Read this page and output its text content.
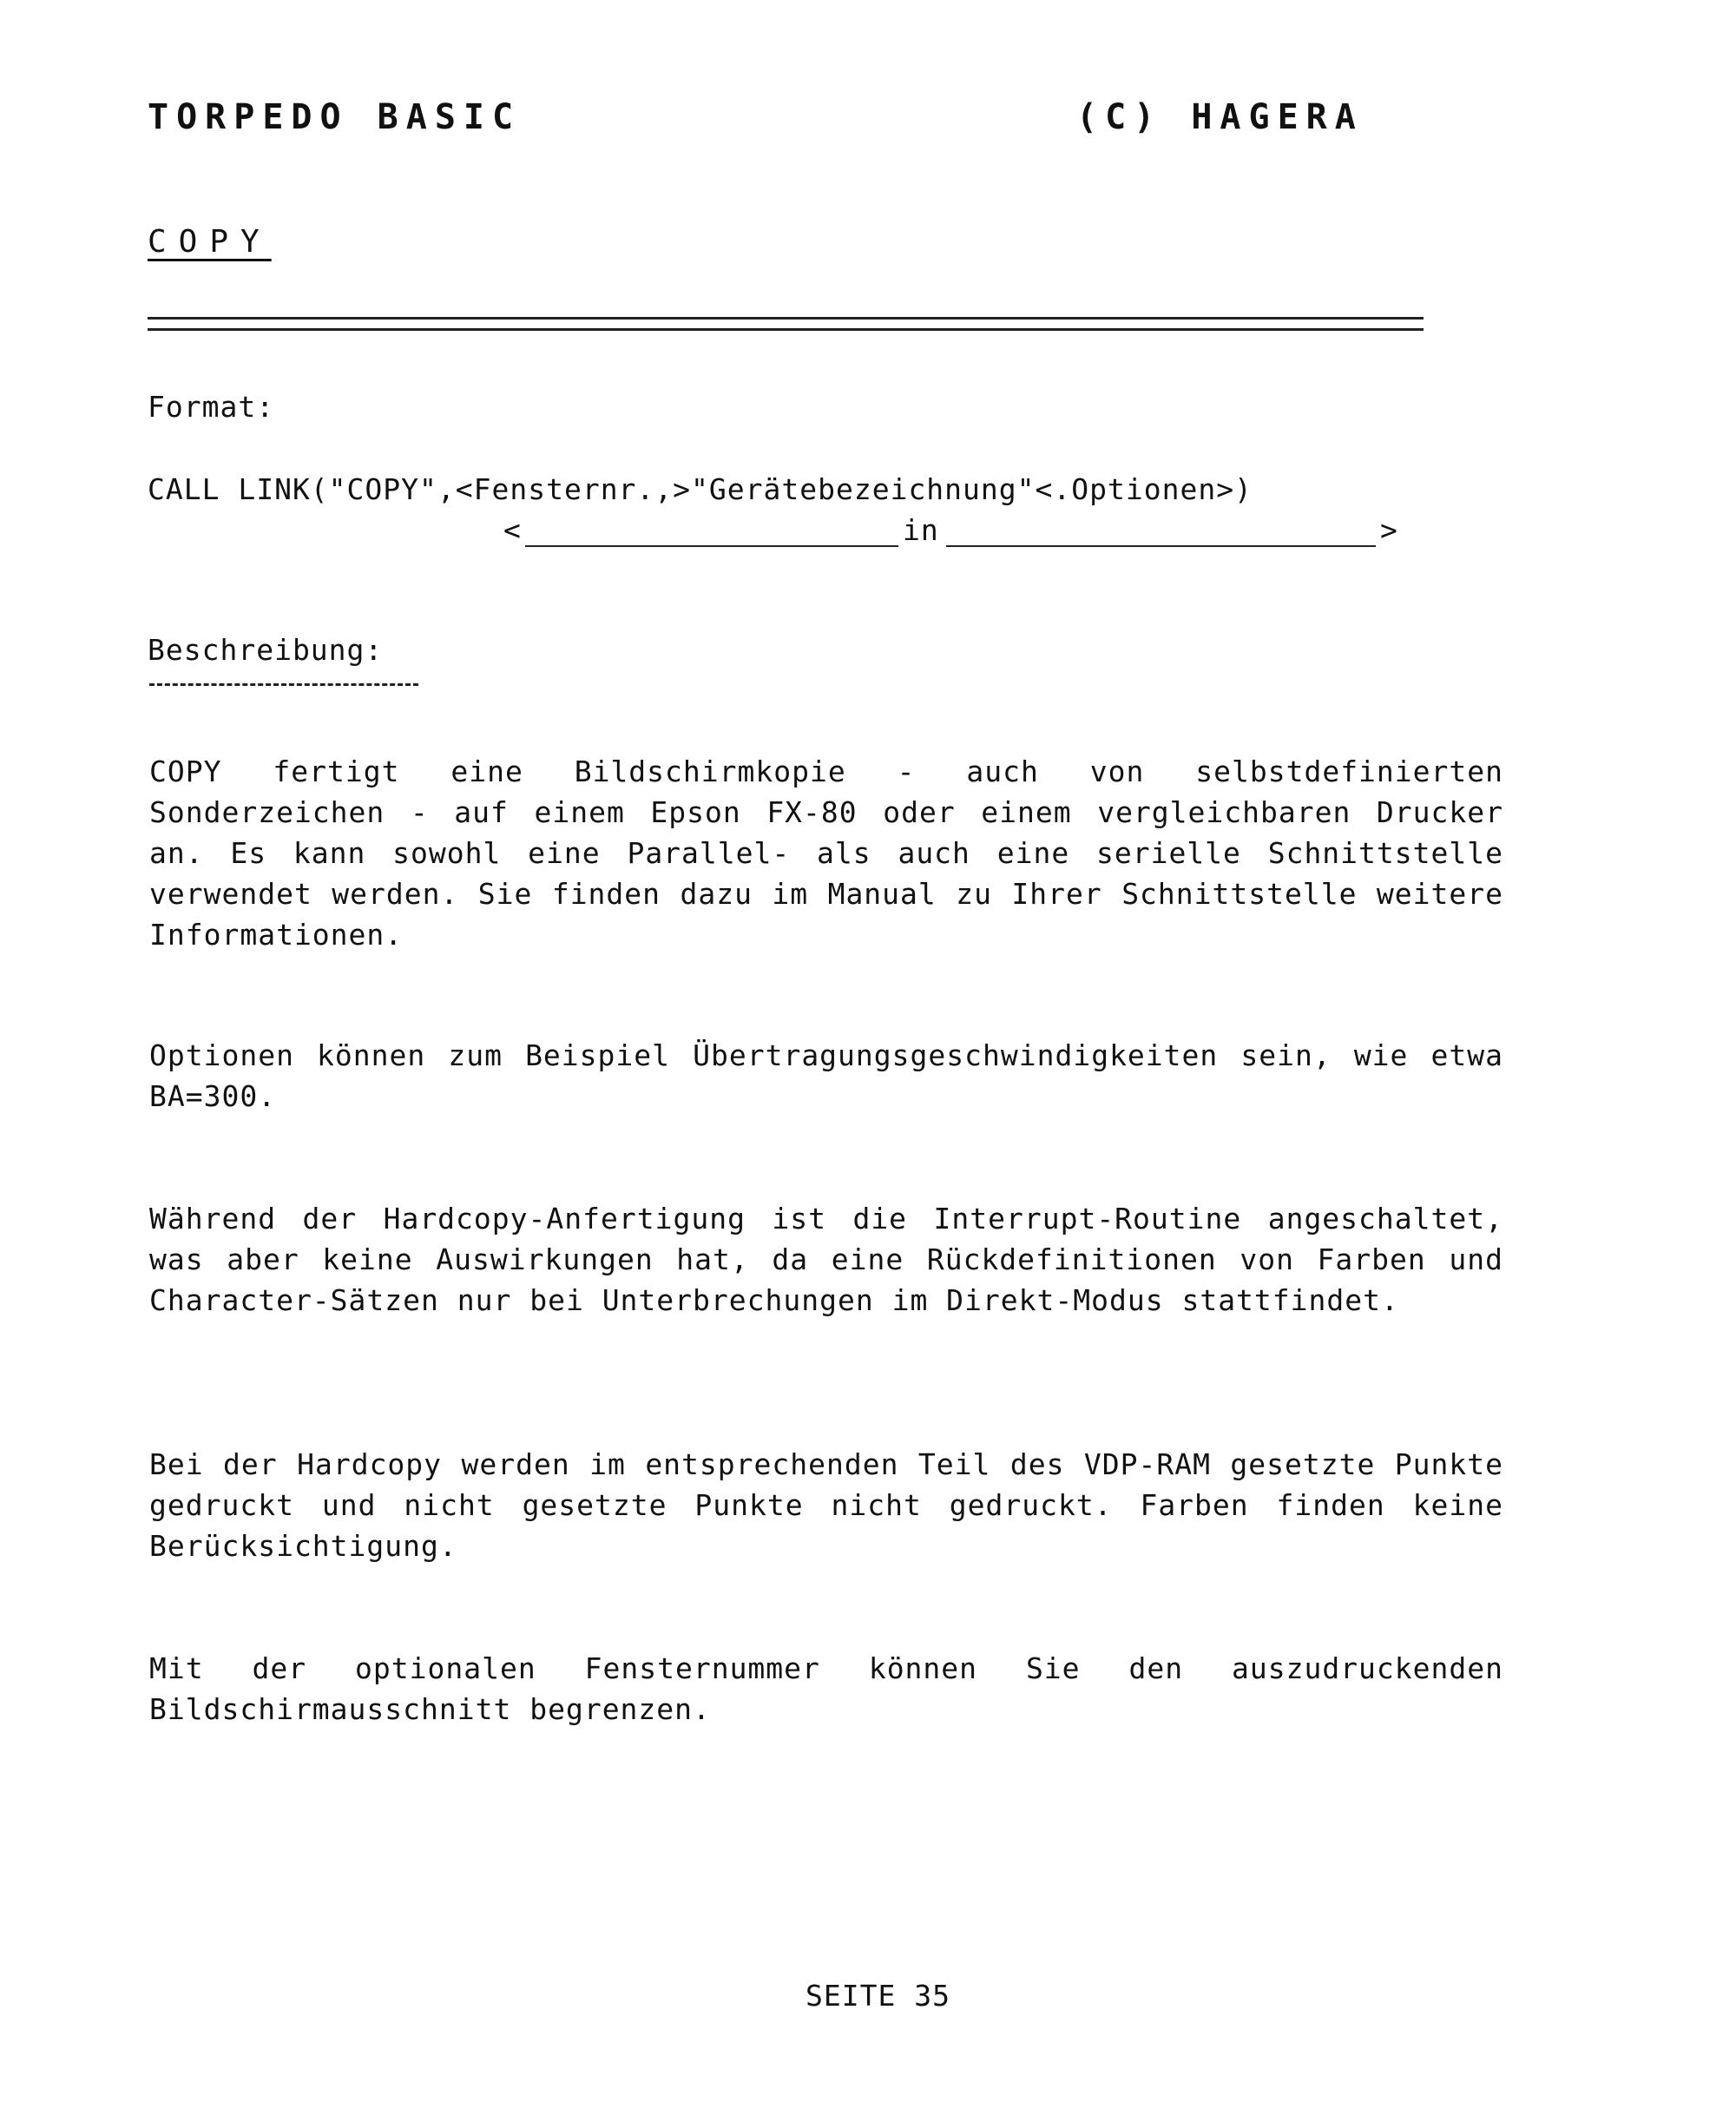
TORPEDO BASIC	(C) HAGERA
COPY
Format:
CALL LINK("COPY",<Fensternr.,>"Gerätebezeichnung"<.Optionen>)
<	in	>
Beschreibung:
COPY fertigt eine Bildschirmkopie - auch von selbstdefinierten Sonderzeichen - auf einem Epson FX-80 oder einem vergleichbaren Drucker an. Es kann sowohl eine Parallel- als auch eine serielle Schnittstelle verwendet werden. Sie finden dazu im Manual zu Ihrer Schnittstelle weitere Informationen.
Optionen können zum Beispiel Übertragungsgeschwindigkeiten sein, wie etwa BA=300.
Während der Hardcopy-Anfertigung ist die Interrupt-Routine angeschaltet, was aber keine Auswirkungen hat, da eine Rückdefinitionen von Farben und Character-Sätzen nur bei Unterbrechungen im Direkt-Modus stattfindet.
Bei der Hardcopy werden im entsprechenden Teil des VDP-RAM gesetzte Punkte gedruckt und nicht gesetzte Punkte nicht gedruckt. Farben finden keine Berücksichtigung.
Mit der optionalen Fensternummer können Sie den auszudruckenden Bildschirmausschnitt begrenzen.
SEITE 35
